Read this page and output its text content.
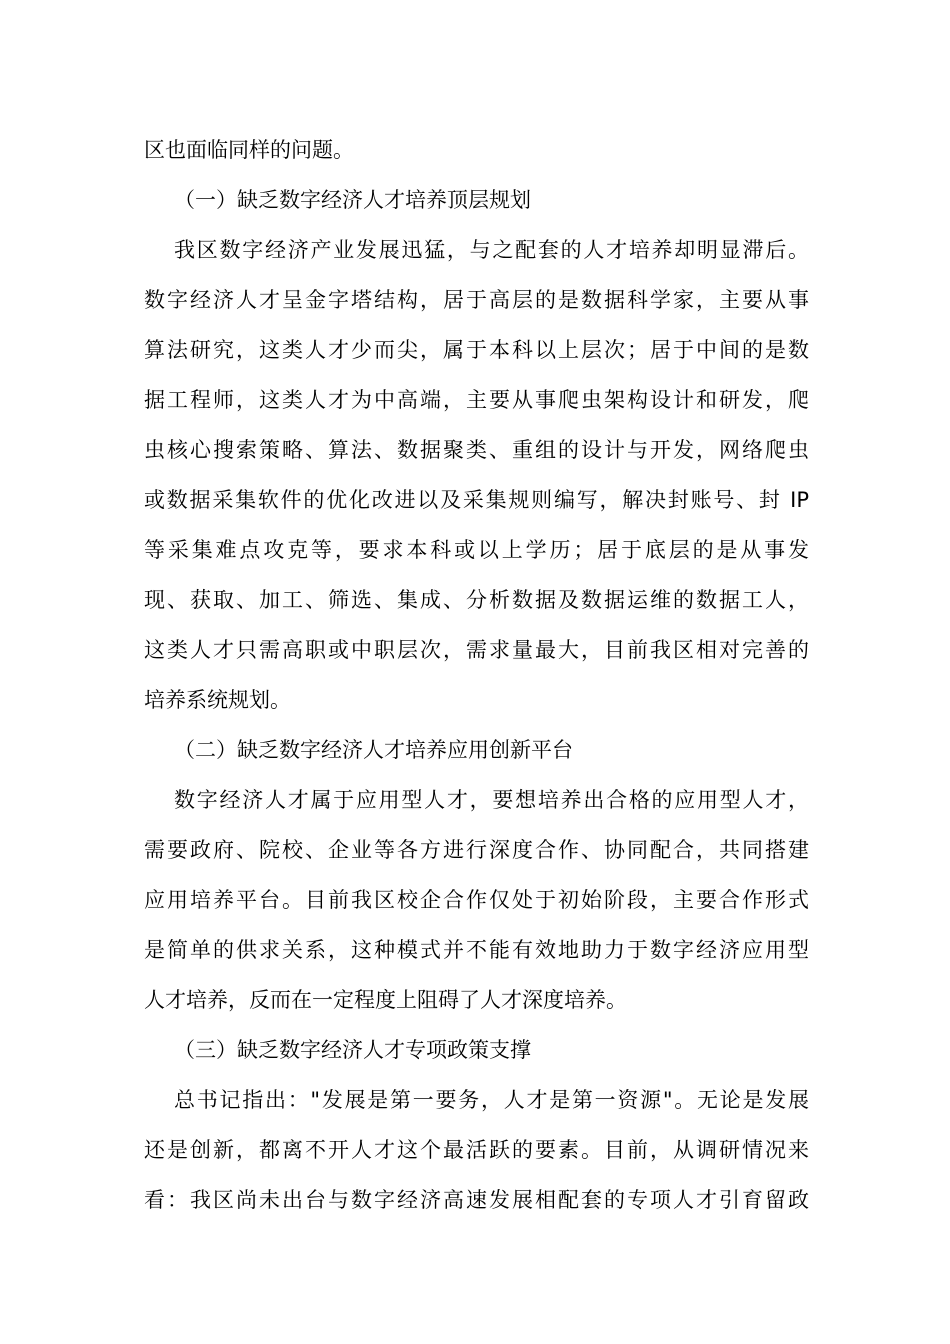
区也面临同样的问题。
（一）缺乏数字经济人才培养顶层规划
我区数字经济产业发展迅猛，与之配套的人才培养却明显滞后。
数字经济人才呈金字塔结构，居于高层的是数据科学家，主要从事
算法研究，这类人才少而尖，属于本科以上层次；居于中间的是数
据工程师，这类人才为中高端，主要从事爬虫架构设计和研发，爬
虫核心搜索策略、算法、数据聚类、重组的设计与开发，网络爬虫
或数据采集软件的优化改进以及采集规则编写，解决封账号、封 IP
等采集难点攻克等，要求本科或以上学历；居于底层的是从事发
现、获取、加工、筛选、集成、分析数据及数据运维的数据工人，
这类人才只需高职或中职层次，需求量最大，目前我区相对完善的
培养系统规划。
（二）缺乏数字经济人才培养应用创新平台
数字经济人才属于应用型人才，要想培养出合格的应用型人才，
需要政府、院校、企业等各方进行深度合作、协同配合，共同搭建
应用培养平台。目前我区校企合作仅处于初始阶段，主要合作形式
是简单的供求关系，这种模式并不能有效地助力于数字经济应用型
人才培养，反而在一定程度上阻碍了人才深度培养。
（三）缺乏数字经济人才专项政策支撑
总书记指出："发展是第一要务，人才是第一资源"。无论是发展
还是创新，都离不开人才这个最活跃的要素。目前，从调研情况来
看：我区尚未出台与数字经济高速发展相配套的专项人才引育留政
